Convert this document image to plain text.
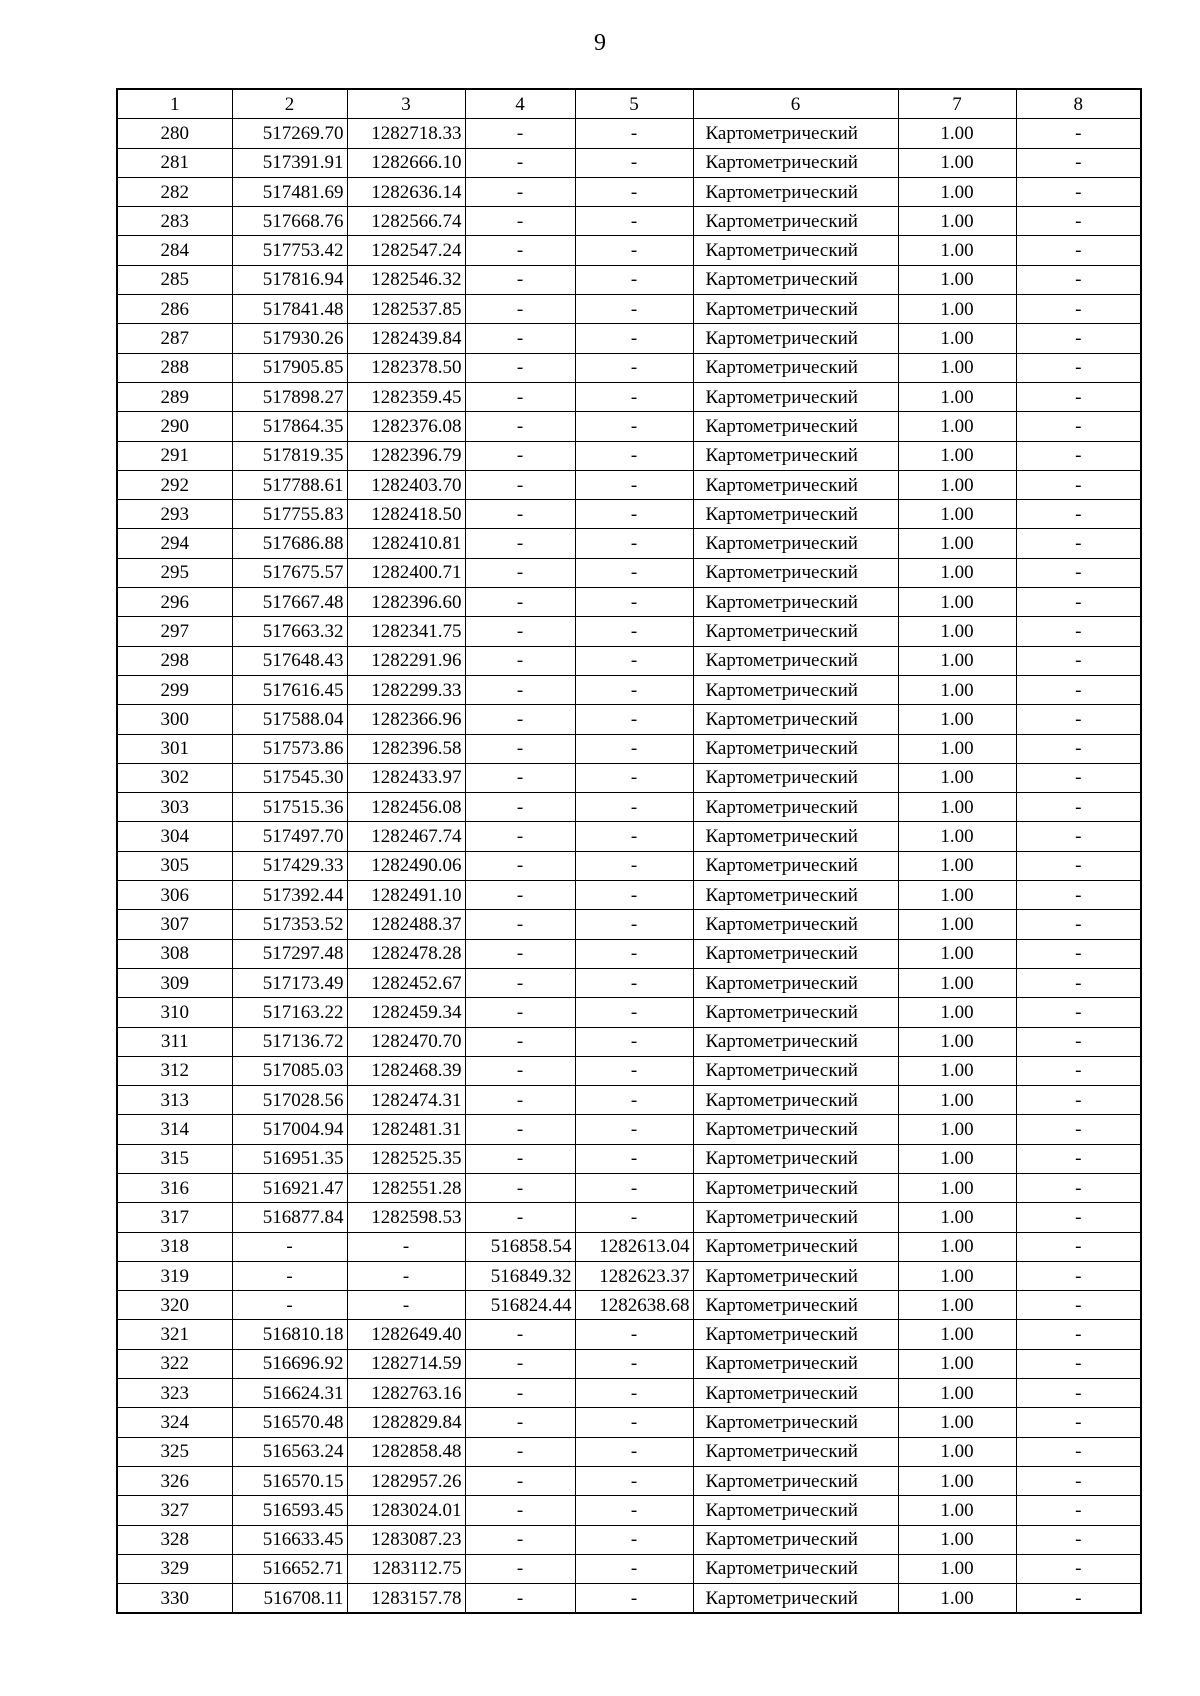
9
1	2	3	4	5	6	7	8
280	517269.70	1282718.33	-	-	Картометрический	1.00	-
281	517391.91	1282666.10	-	-	Картометрический	1.00	-
282	517481.69	1282636.14	-	-	Картометрический	1.00	-
283	517668.76	1282566.74	-	-	Картометрический	1.00	-
284	517753.42	1282547.24	-	-	Картометрический	1.00	-
285	517816.94	1282546.32	-	-	Картометрический	1.00	-
286	517841.48	1282537.85	-	-	Картометрический	1.00	-
287	517930.26	1282439.84	-	-	Картометрический	1.00	-
288	517905.85	1282378.50	-	-	Картометрический	1.00	-
289	517898.27	1282359.45	-	-	Картометрический	1.00	-
290	517864.35	1282376.08	-	-	Картометрический	1.00	-
291	517819.35	1282396.79	-	-	Картометрический	1.00	-
292	517788.61	1282403.70	-	-	Картометрический	1.00	-
293	517755.83	1282418.50	-	-	Картометрический	1.00	-
294	517686.88	1282410.81	-	-	Картометрический	1.00	-
295	517675.57	1282400.71	-	-	Картометрический	1.00	-
296	517667.48	1282396.60	-	-	Картометрический	1.00	-
297	517663.32	1282341.75	-	-	Картометрический	1.00	-
298	517648.43	1282291.96	-	-	Картометрический	1.00	-
299	517616.45	1282299.33	-	-	Картометрический	1.00	-
300	517588.04	1282366.96	-	-	Картометрический	1.00	-
301	517573.86	1282396.58	-	-	Картометрический	1.00	-
302	517545.30	1282433.97	-	-	Картометрический	1.00	-
303	517515.36	1282456.08	-	-	Картометрический	1.00	-
304	517497.70	1282467.74	-	-	Картометрический	1.00	-
305	517429.33	1282490.06	-	-	Картометрический	1.00	-
306	517392.44	1282491.10	-	-	Картометрический	1.00	-
307	517353.52	1282488.37	-	-	Картометрический	1.00	-
308	517297.48	1282478.28	-	-	Картометрический	1.00	-
309	517173.49	1282452.67	-	-	Картометрический	1.00	-
310	517163.22	1282459.34	-	-	Картометрический	1.00	-
311	517136.72	1282470.70	-	-	Картометрический	1.00	-
312	517085.03	1282468.39	-	-	Картометрический	1.00	-
313	517028.56	1282474.31	-	-	Картометрический	1.00	-
314	517004.94	1282481.31	-	-	Картометрический	1.00	-
315	516951.35	1282525.35	-	-	Картометрический	1.00	-
316	516921.47	1282551.28	-	-	Картометрический	1.00	-
317	516877.84	1282598.53	-	-	Картометрический	1.00	-
318	-	-	516858.54	1282613.04	Картометрический	1.00	-
319	-	-	516849.32	1282623.37	Картометрический	1.00	-
320	-	-	516824.44	1282638.68	Картометрический	1.00	-
321	516810.18	1282649.40	-	-	Картометрический	1.00	-
322	516696.92	1282714.59	-	-	Картометрический	1.00	-
323	516624.31	1282763.16	-	-	Картометрический	1.00	-
324	516570.48	1282829.84	-	-	Картометрический	1.00	-
325	516563.24	1282858.48	-	-	Картометрический	1.00	-
326	516570.15	1282957.26	-	-	Картометрический	1.00	-
327	516593.45	1283024.01	-	-	Картометрический	1.00	-
328	516633.45	1283087.23	-	-	Картометрический	1.00	-
329	516652.71	1283112.75	-	-	Картометрический	1.00	-
330	516708.11	1283157.78	-	-	Картометрический	1.00	-
